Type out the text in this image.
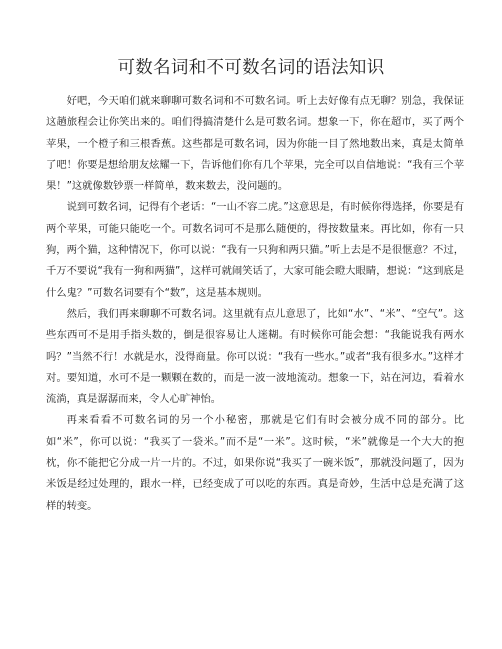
可数名词和不可数名词的语法知识

好吧，今天咱们就来聊聊可数名词和不可数名词。听上去好像有点无聊？别急，我保证这趟旅程会让你笑出来的。咱们得搞清楚什么是可数名词。想象一下，你在超市，买了两个苹果，一个橙子和三根香蕉。这些都是可数名词，因为你能一目了然地数出来，真是太简单了吧！你要是想给朋友炫耀一下，告诉他们你有几个苹果，完全可以自信地说：“我有三个苹果！”这就像数钞票一样简单，数来数去，没问题的。

说到可数名词，记得有个老话：“一山不容二虎。”这意思是，有时候你得选择，你要是有两个苹果，可能只能吃一个。可数名词可不是那么随便的，得按数量来。再比如，你有一只狗，两个猫，这种情况下，你可以说：“我有一只狗和两只猫。”听上去是不是很惬意？不过，千万不要说“我有一狗和两猫”，这样可就闹笑话了，大家可能会瞪大眼睛，想说：“这到底是什么鬼？”可数名词要有个“数”，这是基本规则。

然后，我们再来聊聊不可数名词。这里就有点儿意思了，比如“水”、“米”、“空气”。这些东西可不是用手指头数的，倒是很容易让人迷糊。有时候你可能会想：“我能说我有两水吗？”当然不行！水就是水，没得商量。你可以说：“我有一些水。”或者“我有很多水。”这样才对。要知道，水可不是一颗颗在数的，而是一波一波地流动。想象一下，站在河边，看着水流淌，真是潺潺而来，令人心旷神怡。

再来看看不可数名词的另一个小秘密，那就是它们有时会被分成不同的部分。比如“米”，你可以说：“我买了一袋米。”而不是“一米”。这时候，“米”就像是一个大大的抱枕，你不能把它分成一片一片的。不过，如果你说“我买了一碗米饭”，那就没问题了，因为米饭是经过处理的，跟水一样，已经变成了可以吃的东西。真是奇妙，生活中总是充满了这样的转变。
